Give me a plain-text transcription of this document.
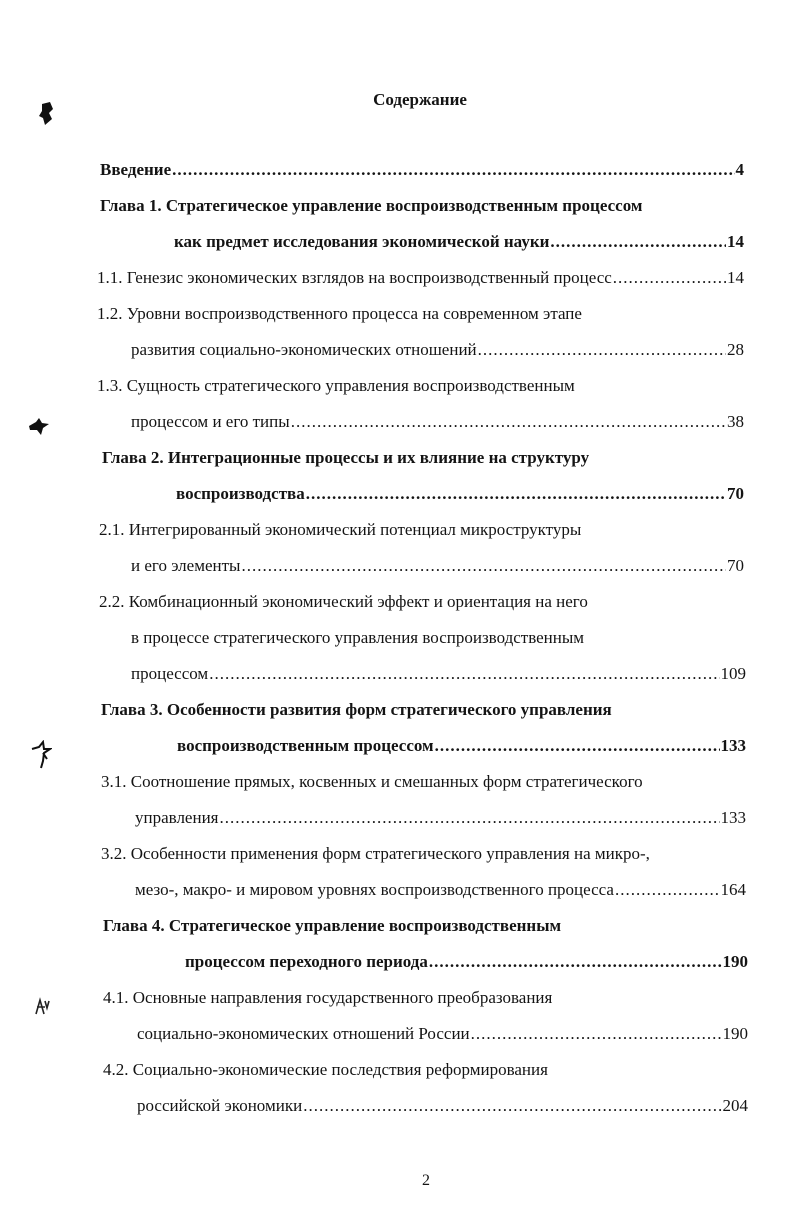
Содержание
Введение .....	4
Глава 1. Стратегическое управление воспроизводственным процессом
как предмет исследования экономической науки .....	14
1.1. Генезис экономических взглядов на воспроизводственный процесс .....	14
1.2. Уровни воспроизводственного процесса на современном этапе
развития социально-экономических отношений .....	28
1.3. Сущность стратегического управления воспроизводственным
процессом и его типы .....	38
Глава 2. Интеграционные процессы и их влияние на структуру
воспроизводства .....	70
2.1. Интегрированный экономический потенциал микроструктуры
и его элементы .....	70
2.2. Комбинационный экономический эффект и ориентация на него
в процессе стратегического управления воспроизводственным
процессом .....	109
Глава 3. Особенности развития форм стратегического управления
воспроизводственным процессом .....	133
3.1. Соотношение прямых, косвенных и смешанных форм стратегического
управления .....	133
3.2. Особенности применения форм стратегического управления на микро-,
мезо-, макро- и мировом уровнях воспроизводственного процесса .....	164
Глава 4. Стратегическое управление воспроизводственным
процессом переходного периода .....	190
4.1. Основные направления государственного преобразования
социально-экономических отношений России .....	190
4.2. Социально-экономические последствия реформирования
российской экономики .....	204
2
